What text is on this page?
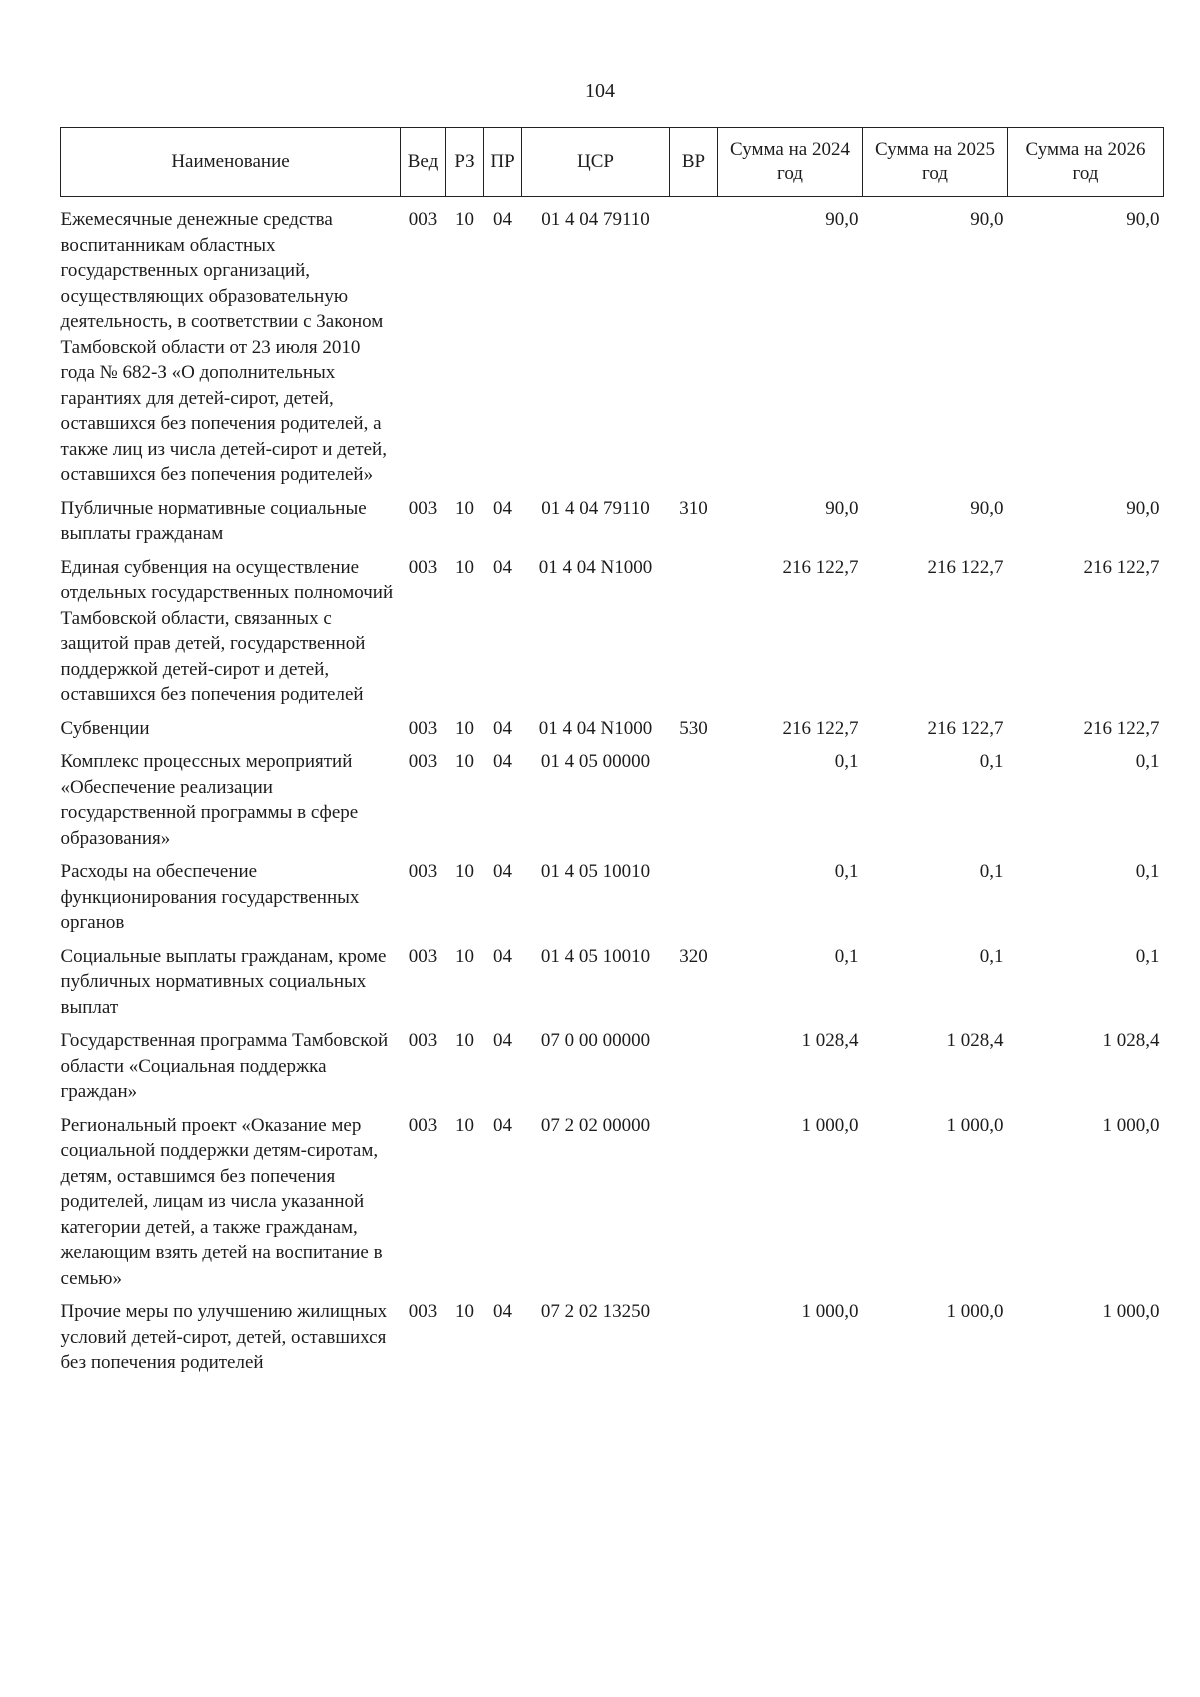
104
Наименование	Вед	РЗ	ПР	ЦСР	ВР	Сумма на 2024 год	Сумма на 2025 год	Сумма на 2026 год
Ежемесячные денежные средства воспитанникам областных государственных организаций, осуществляющих образовательную деятельность, в соответствии с Законом Тамбовской области от 23 июля 2010 года № 682-З «О дополнительных гарантиях для детей-сирот, детей, оставшихся без попечения родителей, а также лиц из числа детей-сирот и детей, оставшихся без попечения родителей»	003	10	04	01 4 04 79110		90,0	90,0	90,0

Публичные нормативные социальные выплаты гражданам	003	10	04	01 4 04 79110	310	90,0	90,0	90,0

Единая субвенция на осуществление отдельных государственных полномочий Тамбовской области, связанных с защитой прав детей, государственной поддержкой детей-сирот и детей, оставшихся без попечения родителей	003	10	04	01 4 04 N1000		216 122,7	216 122,7	216 122,7

Субвенции	003	10	04	01 4 04 N1000	530	216 122,7	216 122,7	216 122,7

Комплекс процессных мероприятий «Обеспечение реализации государственной программы в сфере образования»	003	10	04	01 4 05 00000		0,1	0,1	0,1

Расходы на обеспечение функционирования государственных органов	003	10	04	01 4 05 10010		0,1	0,1	0,1

Социальные выплаты гражданам, кроме публичных нормативных социальных выплат	003	10	04	01 4 05 10010	320	0,1	0,1	0,1

Государственная программа Тамбовской области «Социальная поддержка граждан»	003	10	04	07 0 00 00000		1 028,4	1 028,4	1 028,4

Региональный проект «Оказание мер социальной поддержки детям-сиротам, детям, оставшимся без попечения родителей, лицам из числа указанной категории детей, а также гражданам, желающим взять детей на воспитание в семью»	003	10	04	07 2 02 00000		1 000,0	1 000,0	1 000,0

Прочие меры по улучшению жилищных условий детей-сирот, детей, оставшихся без попечения родителей	003	10	04	07 2 02 13250		1 000,0	1 000,0	1 000,0
